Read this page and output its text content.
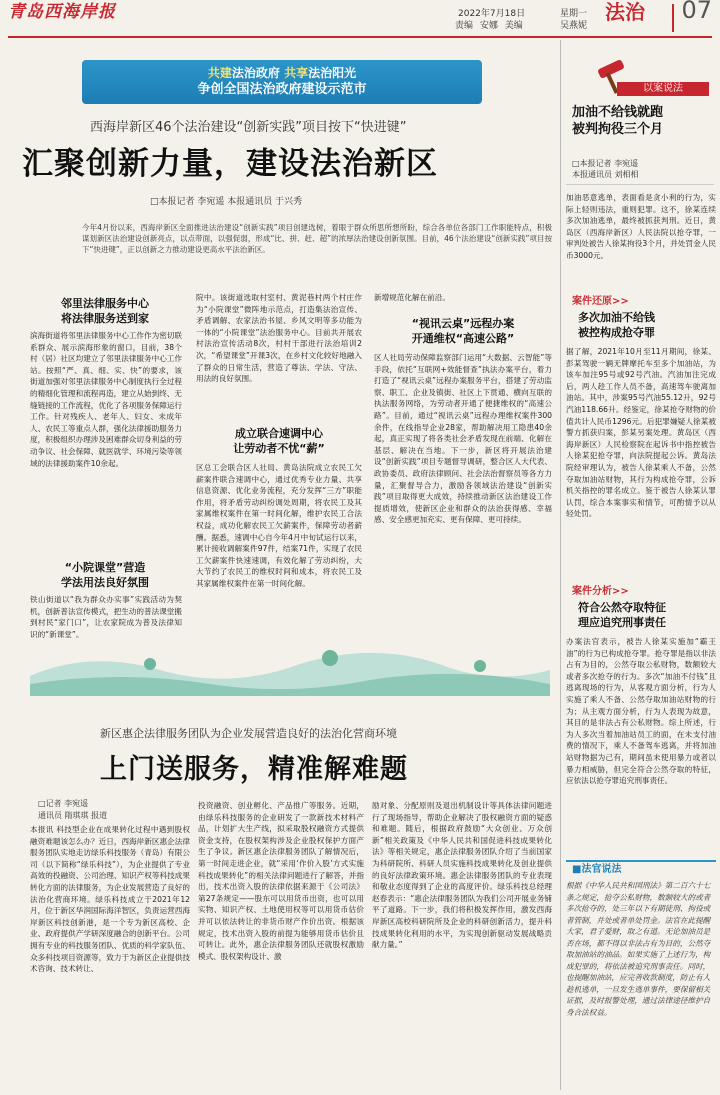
青岛西海岸报	2022年7月18日	星期一
责编 安娜 美编	吴燕妮
法治	07
共建法治政府 共享法治阳光
争创全国法治政府建设示范市
西海岸新区46个法治建设“创新实践”项目按下“快进键”
汇聚创新力量，建设法治新区
□本报记者 李宛遥 本报通讯员 于兴秀
今年4月份以来，西海岸新区全面推进法治建设“创新实践”项目创建选树，着眼于群众所思所想所盼，综合各单位各部门工作职能特点，积极谋划新区法治建设创新亮点，以点带面，以强促弱，形成“比、拼、赶、超”的浓厚法治建设创新氛围。目前，46个法治建设“创新实践”项目按下“快进键”，正以创新之力推动建设更高水平法治新区。
邻里法律服务中心
将法律服务送到家
滨海街道将邻里法律服务中心工作作为密切联系群众、展示滨海形象的窗口，目前，38个村（居）社区均建立了邻里法律服务中心工作站。按照“严、真、细、实、快”的要求，该街道加强对邻里法律服务中心制度执行全过程的精细化管理和流程再造，建立从始到终、无缝链接的工作流程，优化了各项服务保障运行工作。针对残疾人、老年人、妇女、未成年人、农民工等重点人群，强化法律援助服务力度，积极组织办理涉及困难群众切身利益的劳动争议、社会保障、就医就学、环境污染等领域的法律援助案件10余起。
“小院课堂”营造
学法用法良好氛围
铁山街道以“我为群众办实事”实践活动为契机，创新普法宣传模式，把生动的普法课堂搬到村民“家门口”，让农家院成为普及法律知识的“新课堂”。
院中。该街道选取村室村、黄泥巷村两个村庄作为“小院课堂”微阵地示范点，打造集法治宣传、矛盾调解、农家法治书屋、乡风文明等多功能为一体的“小院课堂”法治服务中心。目前共开展农村法治宣传活动8次，村村干部进行法治培训2次，“希望课堂”开课3次，在乡村文化较好地融入了群众的日常生活，营造了尊法、学法、守法、用法的良好氛围。
成立联合速调中心
让劳动者不忧“薪”
区总工会联合区人社局、黄岛法院成立农民工欠薪案件联合速调中心，通过优秀专业力量、共享信息资源、优化业务流程，充分发挥“三方”职能作用，将矛盾劳动纠纷调处周期，将农民工及其家属维权案件在第一时间化解，维护农民工合法权益，成功化解农民工欠薪案件，保障劳动者薪酬。据悉，速调中心自今年4月中旬试运行以来，累计接收调解案件97件，结案71件，实现了农民工欠薪案件快速速调，有效化解了劳动纠纷，大大节约了农民工的维权时间和成本，将农民工及其家属维权案件在第一时间化解。
新增规范化解在前沿。
“视讯云桌”远程办案
开通维权“高速公路”
区人社局劳动保障监察部门运用“大数据、云智能”等手段，依托“互联网+效能督查”执法办案平台，着力打造了“视讯云桌”远程办案服务平台，搭建了劳动监察、职工、企业及镇街、社区上下贯通、横向互联的执法服务网络，为劳动者开通了便捷维权的“高速公路”。目前，通过“视讯云桌”远程办理维权案件300余件，在线指导企业28家，帮助解决用工隐患40余起，真正实现了将各类社会矛盾发现在前端、化解在基层、解决在当地。下一步，新区将开展法治建设“创新实践”项目专题督导调研，整合区人大代表、政协委员、政府法律顾问、社会法治督察员等各方力量，汇聚督导合力，激励各领域法治建设“创新实践”项目取得更大成效，持续推动新区法治建设工作提质增效，使新区企业和群众的法治获得感、幸福感、安全感更加充实、更有保障、更可持续。
新区惠企法律服务团队为企业发展营造良好的法治化营商环境
上门送服务，精准解难题
□记者 李宛遥
通讯员 隋琪琪 报道
本报讯 科技型企业在成果转化过程中遇到股权融资难题该怎么办？近日，西海岸新区惠企法律服务团队实地走访绿乐科技服务（青岛）有限公司（以下简称“绿乐科技”），为企业提供了专业高效的投融资、公司治理、知识产权等科技成果转化方面的法律服务，为企业发展营造了良好的法治化营商环境。绿乐科技成立于2021年12月，位于新区华润国际海洋智区，负责运营西海岸新区科技创新港，是一个专为新区高校、企业、政府提供产学研深度融合的创新平台。公司拥有专业的科技服务团队、优质的科学家队伍、众多科技项目资源等，致力于为新区企业提供技术咨询、技术转让、
投资融资、创业孵化、产品推广等服务。近期，由绿乐科技服务的企业研发了一款新技术材料产品，计划扩大生产线，拟采取股权融资方式提供资金支持，在股权架构涉及企业股权保护方面产生了争议。新区惠企法律服务团队了解情况后，第一时间走进企业，就“采用‘作价入股’方式实施科技成果转化”的相关法律问题进行了解答，并指出，技术出资入股的法律依据来源于《公司法》第27条规定——股东可以用货币出资，也可以用实物、知识产权、土地使用权等可以用货币估价并可以依法转让的非货币财产作价出资。根据该规定，技术出资入股的前提为能够用货币估价且可转让。此外，惠企法律服务团队还就股权激励模式、股权架构设计、激
励对象、分配原则及退出机制设计等具体法律问题进行了现场指导，帮助企业解决了股权融资方面的疑惑和难题。随后，根据政府鼓励“大众创业、万众创新”相关政策及《中华人民共和国促进科技成果转化法》等相关规定，惠企法律服务团队介绍了当前国家为科研院所、科研人员实施科技成果转化及创业提供的良好法律政策环境。惠企法律服务团队的专业表现和敬业态度得到了企业的高度评价。绿乐科技总经理赵春表示：“惠企法律服务团队为我们公司开展业务铺平了道路。下一步，我们将积极发挥作用，激发西海岸新区高校科研院所及企业的科研创新活力，提升科技成果转化利用的水平，为实现创新驱动发展战略贡献力量。”
以案说法
加油不给钱就跑
被判拘役三个月
□本报记者 李宛遥
本报通讯员 刘相相
加油恶意逃单，表面看是贪小利的行为，实际上轻则违法，重则犯罪。这不，徐某连续多次加油逃单，最终被抓获判刑。近日，黄岛区（西海岸新区）人民法院以抢夺罪，一审判处被告人徐某拘役3个月，并处罚金人民币3000元。
案件还原>>
多次加油不给钱
被控构成抢夺罪
据了解，2021年10月至11月期间，徐某、彭某驾驶一辆无牌摩托车至多个加油站，为该车加注95号或92号汽油。汽油加注完成后，两人趁工作人员不备，高速驾车驶离加油站。其中，涉案95号汽油55.12升，92号汽油118.66升。经鉴定，徐某抢夺财物的价值共计人民币1296元。后犯罪嫌疑人徐某被警方抓获归案，彭某另案处理。黄岛区（西海岸新区）人民检察院在起诉书中指控被告人徐某犯抢夺罪，向法院提起公诉。黄岛法院经审理认为，被告人徐某乘人不备，公然夺取加油站财物，其行为构成抢夺罪，公诉机关指控的罪名成立。鉴于被告人徐某认罪认罚，综合本案事实和情节，可酌情予以从轻处罚。
案件分析>>
符合公然夺取特征
理应追究刑事责任
办案法官表示，被告人徐某实施加“霸王油”的行为已构成抢夺罪。抢夺罪是指以非法占有为目的，公然夺取公私财物，数额较大或者多次抢夺的行为。多次“加油不付钱”且逃离现场的行为，从客观方面分析，行为人实施了乘人不备、公然夺取加油站财物的行为；从主观方面分析，行为人表现为故意，其目的是非法占有公私财物。综上所述，行为人多次当着加油站员工的面，在未支付油费的情况下，乘人不备驾车逃离，并将加油站财物据为己有，期间虽未使用暴力或者以暴力相威胁，但完全符合公然夺取的特征，应依法以抢夺罪追究刑事责任。
■法官说法
根据《中华人民共和国刑法》第二百六十七条之规定，抢夺公私财物，数额较大的或者多次抢夺的，处三年以下有期徒刑、拘役或者管制，并处或者单处罚金。法官在此提醒大家，君子爱财，取之有道。无论加油员是否在场，都不得以非法占有为目的，公然夺取加油站的油品。如果实施了上述行为，构成犯罪的，将依法被追究刑事责任。同时，也提醒加油站，应完善收款制度，防止有人趁机逃单，一旦发生逃单事件，要保留相关证据，及时报警处理，通过法律途径维护自身合法权益。
